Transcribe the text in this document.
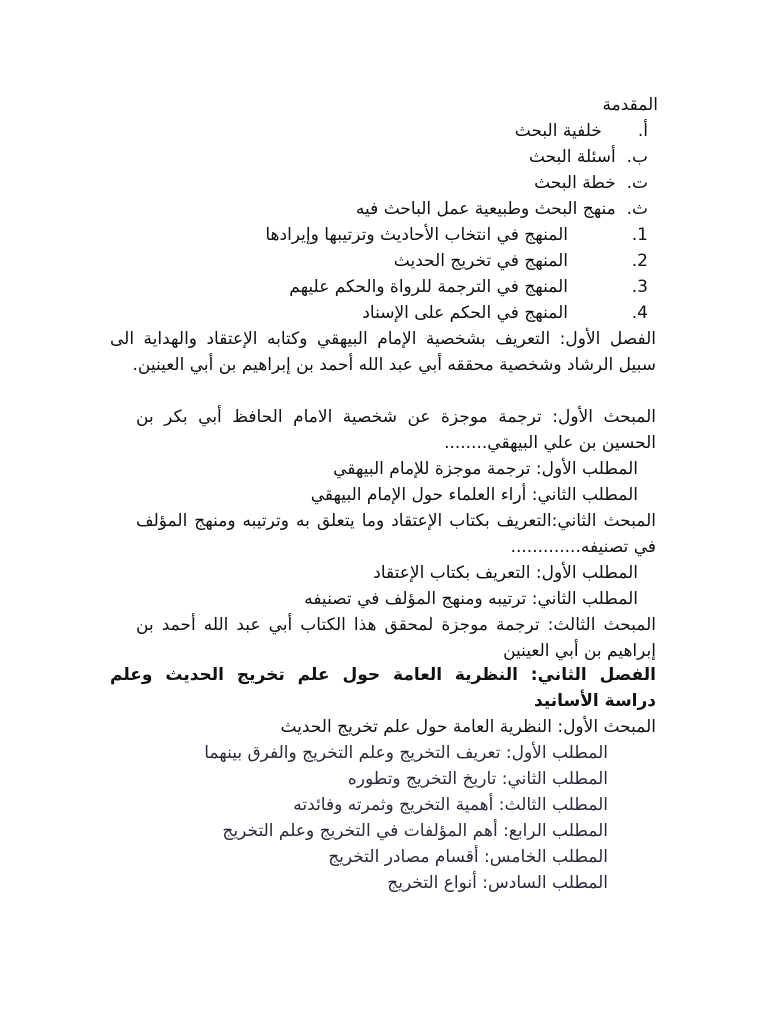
المقدمة
أ.خلفية البحث
ب.  أسئلة البحث
ت.  خطة البحث
ث.  منهج البحث وطبيعية عمل الباحث فيه
1.المنهج في انتخاب الأحاديث وترتيبها وإيرادها
2.المنهج في تخريج الحديث
3.المنهج في الترجمة للرواة والحكم عليهم
4.المنهج في الحكم على الإسناد
الفصل الأول: التعريف بشخصية الإمام البيهقي وكتابه الإعتقاد والهداية الى سبيل الرشاد وشخصية محققه أبي عبد الله أحمد بن إبراهيم بن أبي العينين.
المبحث الأول: ترجمة موجزة عن شخصية الامام الحافظ أبي بكر بن الحسين بن علي البيهقي........
المطلب الأول: ترجمة موجزة للإمام البيهقي
المطلب الثاني: أراء العلماء حول الإمام البيهقي
المبحث الثاني:التعريف بكتاب الإعتقاد وما يتعلق به وترتيبه ومنهج المؤلف في تصنيفه.............
المطلب الأول: التعريف بكتاب الإعتقاد
المطلب الثاني: ترتيبه ومنهج المؤلف في تصنيفه
المبحث الثالث: ترجمة موجزة لمحقق هذا الكتاب أبي عبد الله أحمد بن إبراهيم بن أبي العينين
الفصل الثاني: النظرية العامة حول علم تخريج الحديث وعلم دراسة الأسانيد
المبحث الأول: النظرية العامة حول علم تخريج الحديث
المطلب الأول: تعريف التخريج وعلم التخريج والفرق بينهما
المطلب الثاني: تاريخ التخريج وتطوره
المطلب الثالث: أهمية التخريج وثمرته وفائدته
المطلب الرابع: أهم المؤلفات في التخريج وعلم التخريج
المطلب الخامس: أقسام مصادر التخريج
المطلب السادس: أنواع التخريج
